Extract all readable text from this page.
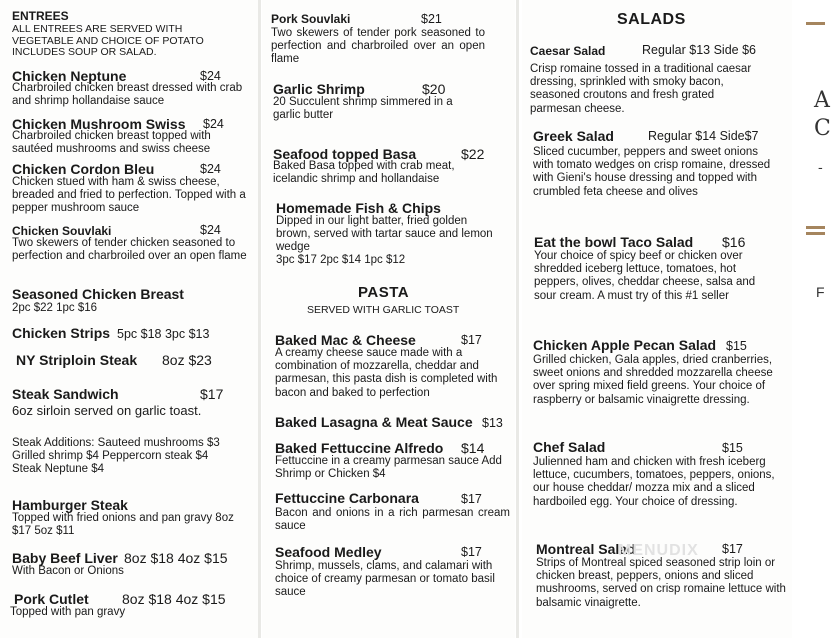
ENTREES
ALL ENTREES ARE SERVED WITH VEGETABLE AND CHOICE OF POTATO INCLUDES SOUP OR SALAD.
Chicken Neptune	$24
Charbroiled chicken breast dressed with crab and shrimp hollandaise sauce
Chicken Mushroom Swiss $24
Charbroiled chicken breast topped with sautéed mushrooms and swiss cheese
Chicken Cordon Bleu	$24
Chicken stued with ham & swiss cheese, breaded and fried to perfection. Topped with a pepper mushroom sauce
Chicken Souvlaki	$24
Two skewers of tender chicken seasoned to perfection and charbroiled over an open flame
Seasoned Chicken Breast
2pc $22 1pc $16
Chicken Strips 5pc $18 3pc $13
NY Striploin Steak 8oz $23
Steak Sandwich	$17
6oz sirloin served on garlic toast.
Steak Additions: Sauteed mushrooms $3 Grilled shrimp $4 Peppercorn steak $4 Steak Neptune $4
Hamburger Steak
Topped with fried onions and pan gravy 8oz $17 5oz $11
Baby Beef Liver 8oz $18 4oz $15
With Bacon or Onions
Pork Cutlet 8oz $18 4oz $15
Topped with pan gravy
Pork Souvlaki	$21
Two skewers of tender pork seasoned to perfection and charbroiled over an open flame
Garlic Shrimp	$20
20 Succulent shrimp simmered in a garlic butter
Seafood topped Basa	$22
Baked Basa topped with crab meat, icelandic shrimp and hollandaise
Homemade Fish & Chips
Dipped in our light batter, fried golden brown, served with tartar sauce and lemon wedge
3pc $17 2pc $14 1pc $12
PASTA
SERVED WITH GARLIC TOAST
Baked Mac & Cheese	$17
A creamy cheese sauce made with a combination of mozzarella, cheddar and parmesan, this pasta dish is completed with bacon and baked to perfection
Baked Lasagna & Meat Sauce $13
Baked Fettuccine Alfredo $14
Fettuccine in a creamy parmesan sauce Add Shrimp or Chicken $4
Fettuccine Carbonara	$17
Bacon and onions in a rich parmesan cream sauce
Seafood Medley	$17
Shrimp, mussels, clams, and calamari with choice of creamy parmesan or tomato basil sauce
SALADS
Caesar Salad	Regular $13 Side $6
Crisp romaine tossed in a traditional caesar dressing, sprinkled with smoky bacon, seasoned croutons and fresh grated parmesan cheese.
Greek Salad	Regular $14 Side$7
Sliced cucumber, peppers and sweet onions with tomato wedges on crisp romaine, dressed with Gieni's house dressing and topped with crumbled feta cheese and olives
Eat the bowl Taco Salad $16
Your choice of spicy beef or chicken over shredded iceberg lettuce, tomatoes, hot peppers, olives, cheddar cheese, salsa and sour cream. A must try of this #1 seller
Chicken Apple Pecan Salad $15
Grilled chicken, Gala apples, dried cranberries, sweet onions and shredded mozzarella cheese over spring mixed field greens. Your choice of raspberry or balsamic vinaigrette dressing.
Chef Salad	$15
Julienned ham and chicken with fresh iceberg lettuce, cucumbers, tomatoes, peppers, onions, our house cheddar/ mozza mix and a sliced hardboiled egg. Your choice of dressing.
Montreal Salad	$17
Strips of Montreal spiced seasoned strip loin or chicken breast, peppers, onions and sliced mushrooms, served on crisp romaine lettuce with balsamic vinaigrette.
MENUDIX
A
C
-
F
